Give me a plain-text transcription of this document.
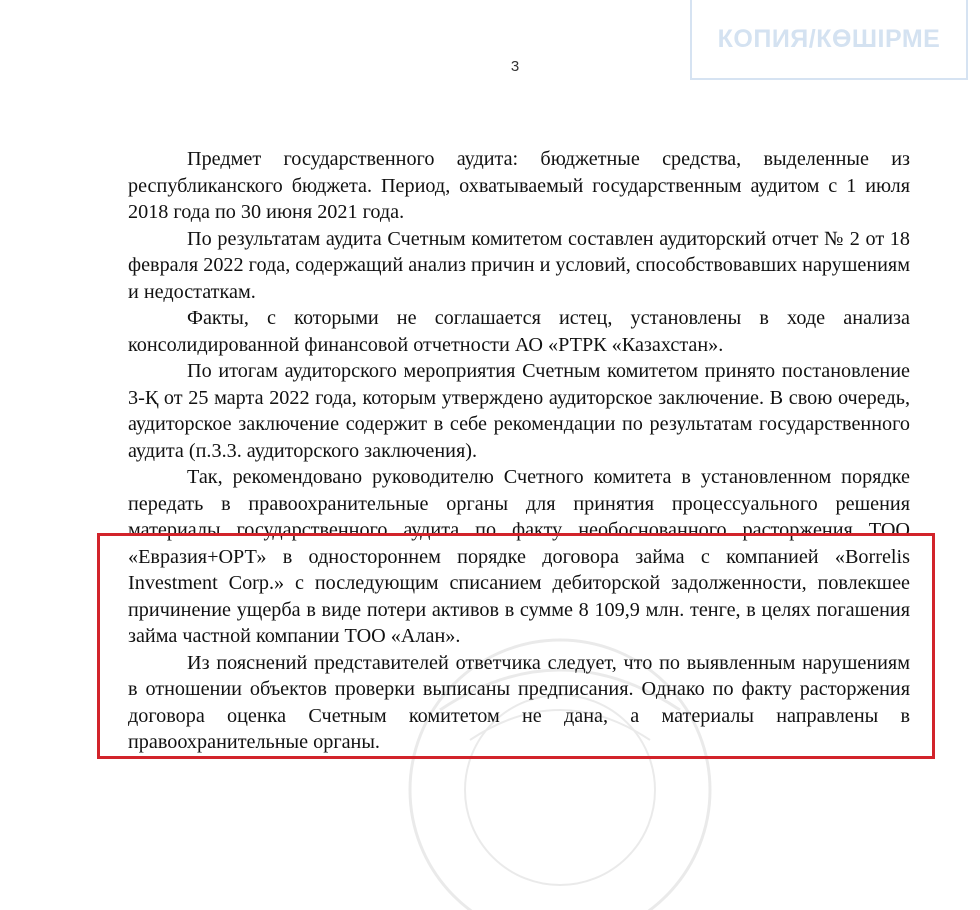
КОПИЯ/КӨШІРМЕ
3

Предмет государственного аудита: бюджетные средства, выделенные из республиканского бюджета. Период, охватываемый государственным аудитом с 1 июля 2018 года по 30 июня 2021 года.

По результатам аудита Счетным комитетом составлен аудиторский отчет № 2 от 18 февраля 2022 года, содержащий анализ причин и условий, способствовавших нарушениям и недостаткам.

Факты, с которыми не соглашается истец, установлены в ходе анализа консолидированной финансовой отчетности АО «РТРК «Казахстан».

По итогам аудиторского мероприятия Счетным комитетом принято постановление 3-Қ от 25 марта 2022 года, которым утверждено аудиторское заключение. В свою очередь, аудиторское заключение содержит в себе рекомендации по результатам государственного аудита (п.3.3. аудиторского заключения).

Так, рекомендовано руководителю Счетного комитета в установленном порядке передать в правоохранительные органы для принятия процессуального решения материалы государственного аудита по факту необоснованного расторжения ТОО «Евразия+ОРТ» в одностороннем порядке договора займа с компанией «Borrelis Investment Corp.» с последующим списанием дебиторской задолженности, повлекшее причинение ущерба в виде потери активов в сумме 8 109,9 млн. тенге, в целях погашения займа частной компании ТОО «Алан».

Из пояснений представителей ответчика следует, что по выявленным нарушениям в отношении объектов проверки выписаны предписания. Однако по факту расторжения договора оценка Счетным комитетом не дана, а материалы направлены в правоохранительные органы.
